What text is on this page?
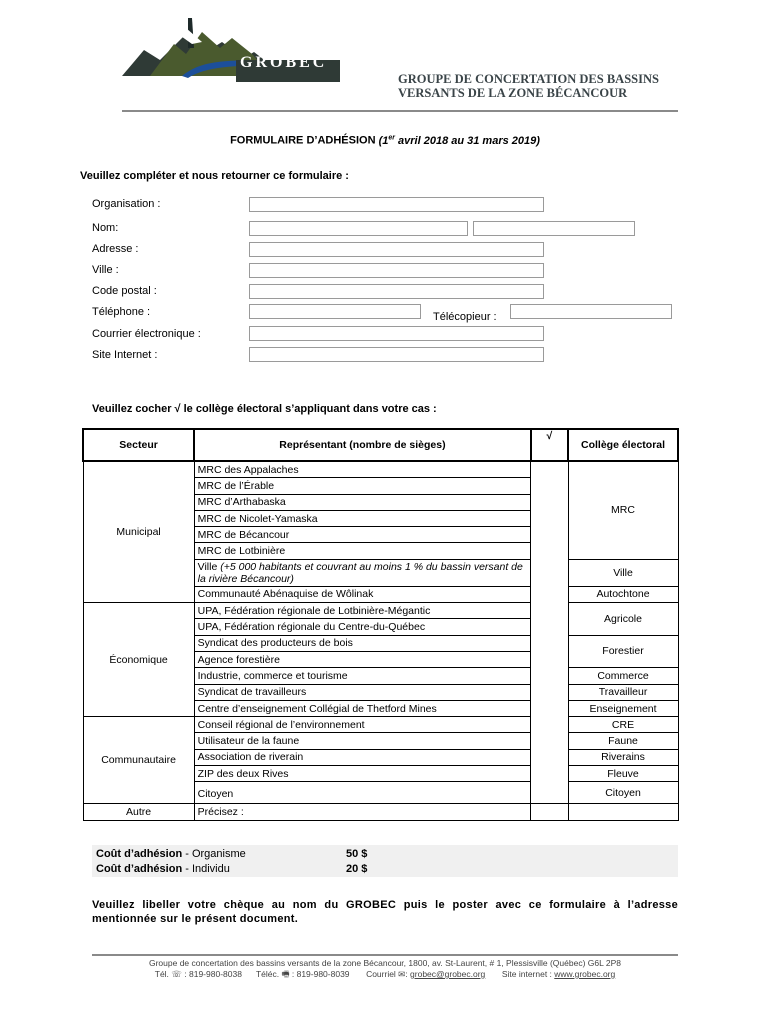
GROBEC
GROUPE DE CONCERTATION DES BASSINS
VERSANTS DE LA ZONE BÉCANCOUR
FORMULAIRE D’ADHÉSION (1er avril 2018 au 31 mars 2019)
Veuillez compléter et nous retourner ce formulaire :
Organisation :
Nom:
Adresse :
Ville :
Code postal :
Téléphone :	Télécopieur :
Courrier électronique :
Site Internet :
Veuillez cocher √ le collège électoral s’appliquant dans votre cas :
Secteur	Représentant (nombre de sièges)	√	Collège électoral
Municipal	MRC des Appalaches		MRC
	MRC de l’Érable		
	MRC d’Arthabaska		
	MRC de Nicolet-Yamaska		
	MRC de Bécancour		
	MRC de Lotbinière		
	Ville (+5 000 habitants et couvrant au moins 1 % du bassin versant de la rivière Bécancour)		Ville
	Communauté Abénaquise de Wôlinak		Autochtone
Économique	UPA, Fédération régionale de Lotbinière-Mégantic		Agricole
	UPA, Fédération régionale du Centre-du-Québec		
	Syndicat des producteurs de bois		Forestier
	Agence forestière		
	Industrie, commerce et tourisme		Commerce
	Syndicat de travailleurs		Travailleur
	Centre d’enseignement Collégial de Thetford Mines		Enseignement
Communautaire	Conseil régional de l’environnement		CRE
	Utilisateur de la faune		Faune
	Association de riverain		Riverains
	ZIP des deux Rives		Fleuve
	Citoyen		Citoyen
Autre	Précisez :		
Coût d’adhésion - Organisme	50 $
Coût d’adhésion - Individu	20 $
Veuillez libeller votre chèque au nom du GROBEC puis le poster avec ce formulaire à l’adresse mentionnée sur le présent document.
Groupe de concertation des bassins versants de la zone Bécancour, 1800, av. St-Laurent, # 1, Plessisville (Québec) G6L 2P8
Tél. ☏ : 819-980-8038 Téléc. 🖷 : 819-980-8039 Courriel ✉: grobec@grobec.org Site internet : www.grobec.org
